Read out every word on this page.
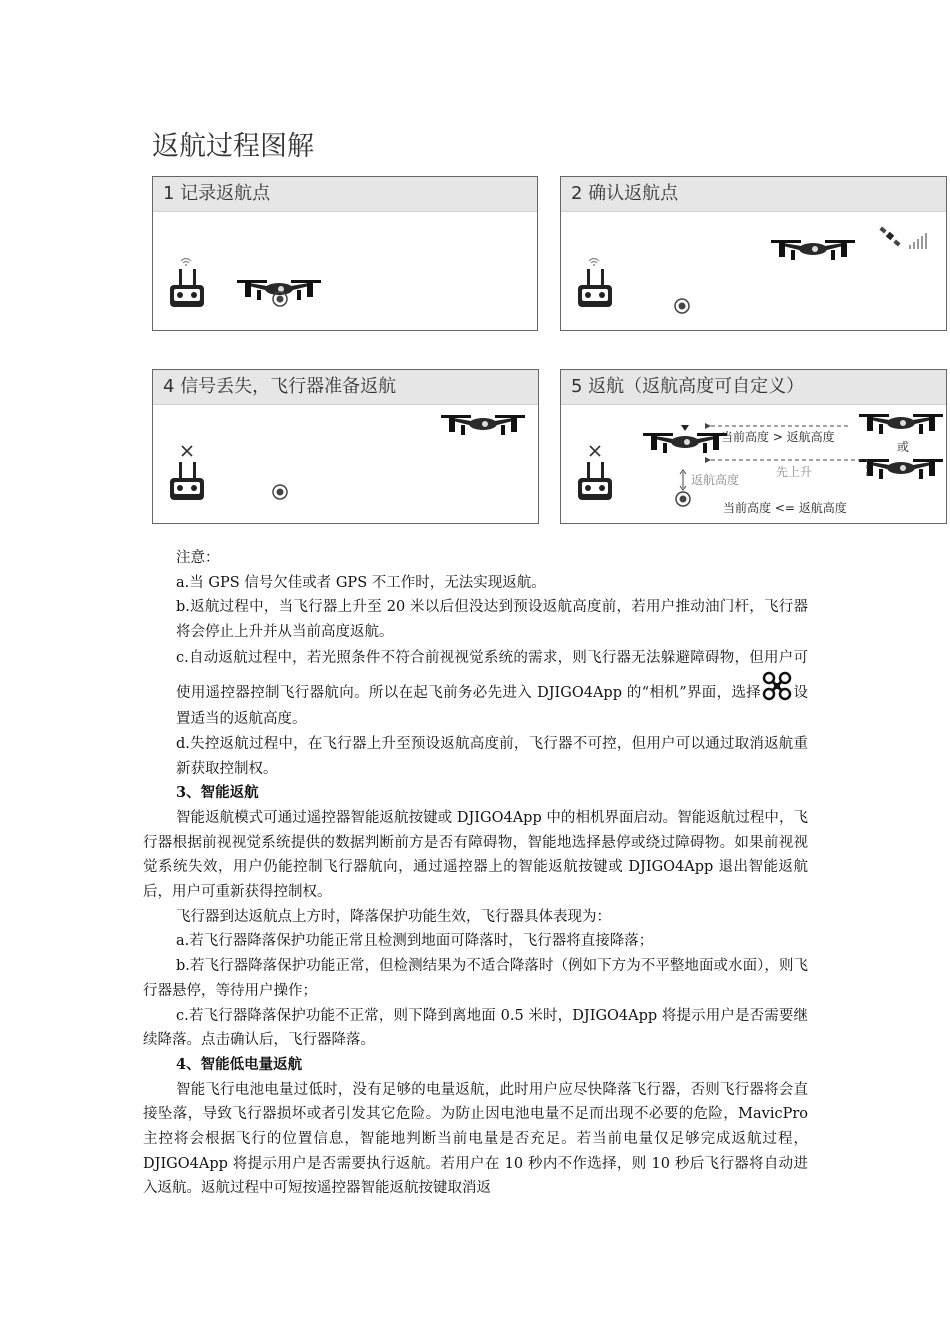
返航过程图解
1 记录返航点	2 确认返航点
4 信号丢失，飞行器准备返航	5 返航（返航高度可自定义）
当前高度 > 返航高度
或
先上升
返航高度
当前高度 <= 返航高度

注意：

a.当 GPS 信号欠佳或者 GPS 不工作时，无法实现返航。

b.返航过程中，当飞行器上升至 20 米以后但没达到预设返航高度前，若用户推动油门杆，飞行器将会停止上升并从当前高度返航。

c.自动返航过程中，若光照条件不符合前视视觉系统的需求，则飞行器无法躲避障碍物，但用户可使用遥控器控制飞行器航向。所以在起飞前务必先进入 DJIGO4App 的“相机”界面，选择 设置适当的返航高度。

d.失控返航过程中，在飞行器上升至预设返航高度前，飞行器不可控，但用户可以通过取消返航重新获取控制权。

3、智能返航

智能返航模式可通过遥控器智能返航按键或 DJIGO4App 中的相机界面启动。智能返航过程中，飞行器根据前视视觉系统提供的数据判断前方是否有障碍物，智能地选择悬停或绕过障碍物。如果前视视觉系统失效，用户仍能控制飞行器航向，通过遥控器上的智能返航按键或 DJIGO4App 退出智能返航后，用户可重新获得控制权。

飞行器到达返航点上方时，降落保护功能生效，飞行器具体表现为：

a.若飞行器降落保护功能正常且检测到地面可降落时，飞行器将直接降落；

b.若飞行器降落保护功能正常，但检测结果为不适合降落时（例如下方为不平整地面或水面），则飞行器悬停，等待用户操作；

c.若飞行器降落保护功能不正常，则下降到离地面 0.5 米时，DJIGO4App 将提示用户是否需要继续降落。点击确认后，飞行器降落。

4、智能低电量返航

智能飞行电池电量过低时，没有足够的电量返航，此时用户应尽快降落飞行器，否则飞行器将会直接坠落，导致飞行器损坏或者引发其它危险。为防止因电池电量不足而出现不必要的危险，MavicPro 主控将会根据飞行的位置信息，智能地判断当前电量是否充足。若当前电量仅足够完成返航过程，DJIGO4App 将提示用户是否需要执行返航。若用户在 10 秒内不作选择，则 10 秒后飞行器将自动进入返航。返航过程中可短按遥控器智能返航按键取消返
